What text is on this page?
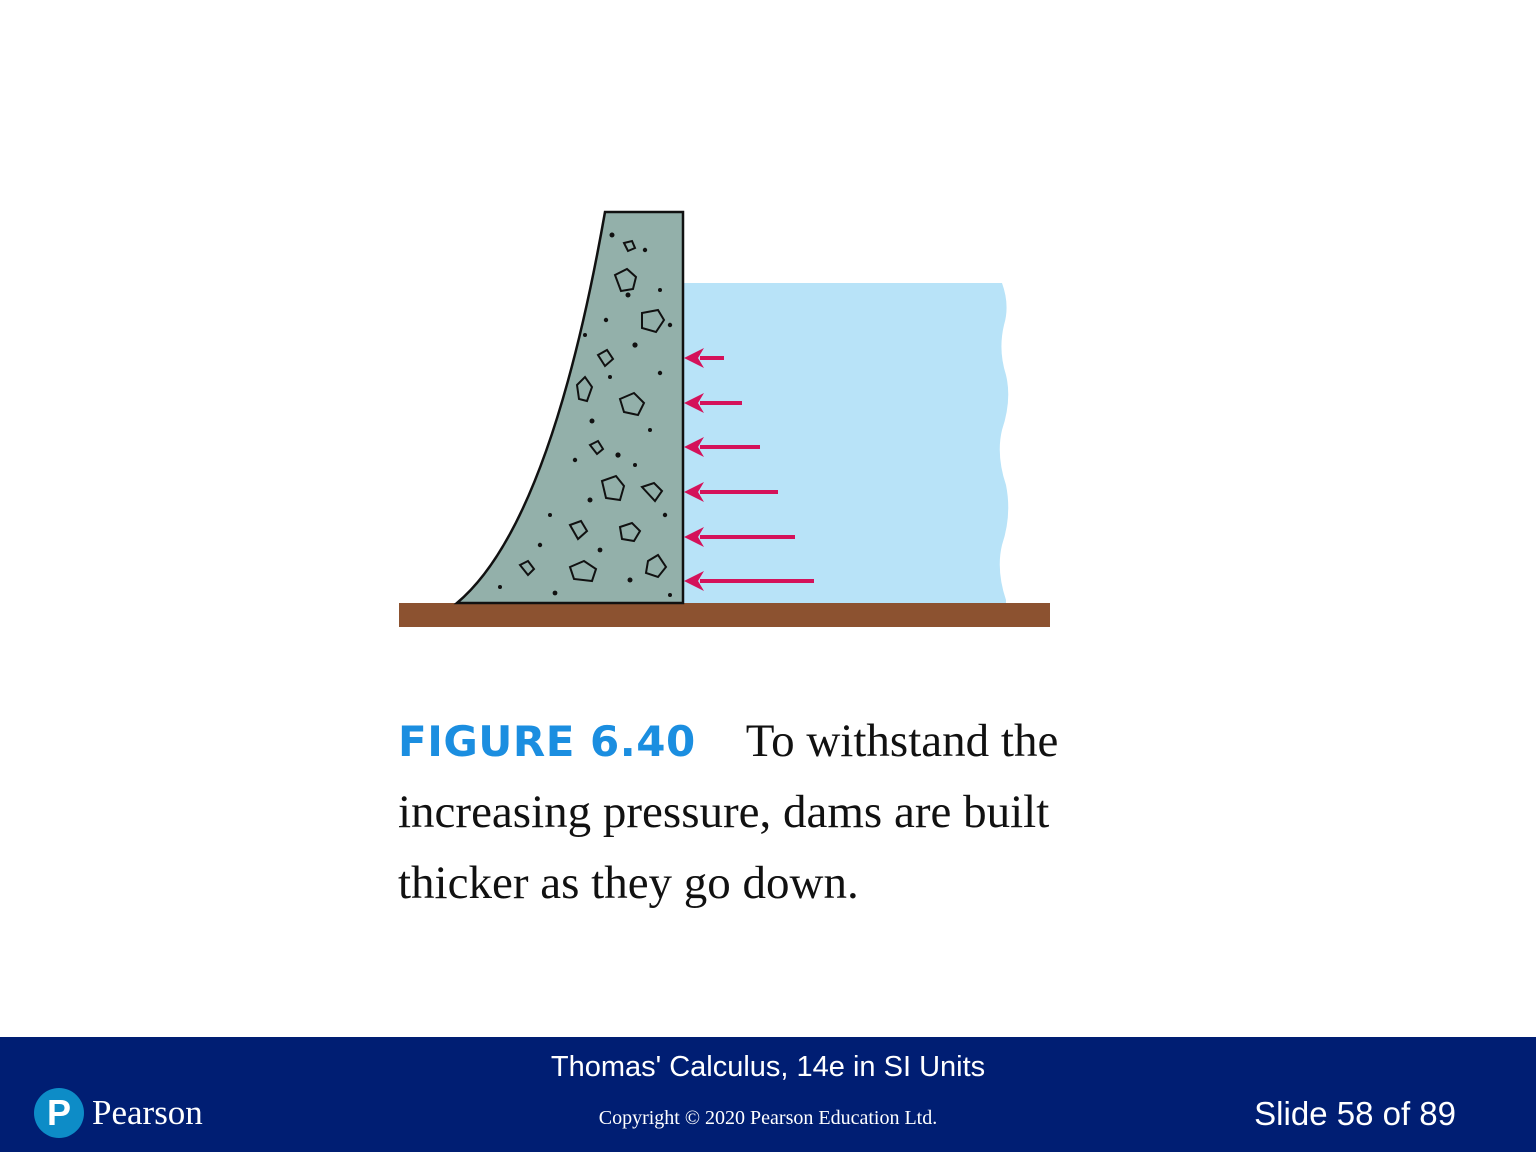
FIGURE 6.40 To withstand the increasing pressure, dams are built thicker as they go down.
P Pearson
Thomas' Calculus, 14e in SI Units
Copyright © 2020 Pearson Education Ltd.	Slide 58 of 89
